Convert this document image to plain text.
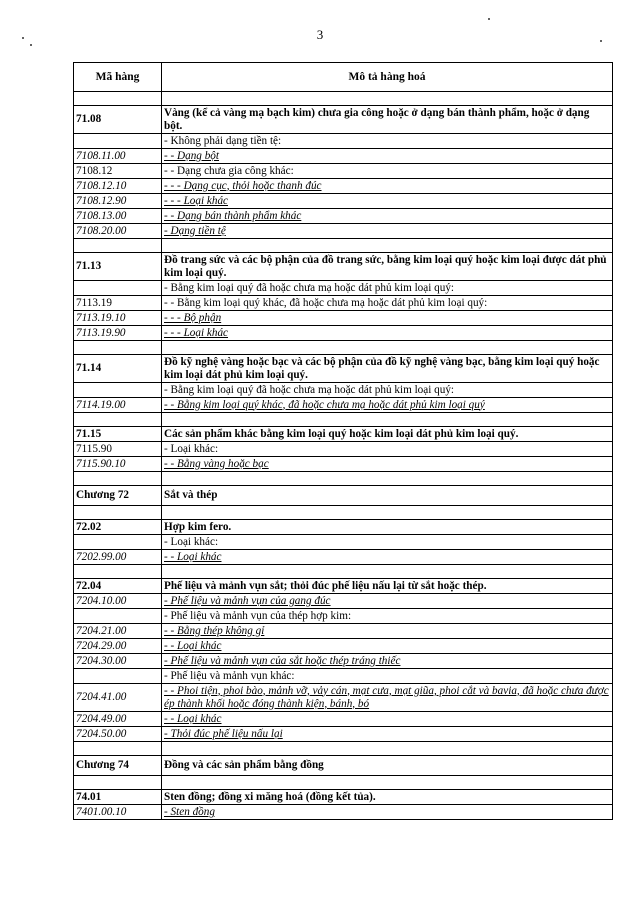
3
Mã hàng	Mô tả hàng hoá

71.08	Vàng (kể cả vàng mạ bạch kim) chưa gia công hoặc ở dạng bán thành phẩm, hoặc ở dạng bột.
	- Không phải dạng tiền tệ:
7108.11.00	- - Dạng bột
7108.12	- - Dạng chưa gia công khác:
7108.12.10	- - - Dạng cục, thỏi hoặc thanh đúc
7108.12.90	- - - Loại khác
7108.13.00	- - Dạng bán thành phẩm khác
7108.20.00	- Dạng tiền tệ

71.13	Đồ trang sức và các bộ phận của đồ trang sức, bằng kim loại quý hoặc kim loại được dát phủ kim loại quý.
	- Bằng kim loại quý đã hoặc chưa mạ hoặc dát phủ kim loại quý:
7113.19	- - Bằng kim loại quý khác, đã hoặc chưa mạ hoặc dát phủ kim loại quý:
7113.19.10	- - - Bộ phận
7113.19.90	- - - Loại khác

71.14	Đồ kỹ nghệ vàng hoặc bạc và các bộ phận của đồ kỹ nghệ vàng bạc, bằng kim loại quý hoặc kim loại dát phủ kim loại quý.
	- Bằng kim loại quý đã hoặc chưa mạ hoặc dát phủ kim loại quý:
7114.19.00	- - Bằng kim loại quý khác, đã hoặc chưa mạ hoặc dát phủ kim loại quý

71.15	Các sản phẩm khác bằng kim loại quý hoặc kim loại dát phủ kim loại quý.
7115.90	- Loại khác:
7115.90.10	- - Bằng vàng hoặc bạc

Chương 72	Sắt và thép

72.02	Hợp kim fero.
	- Loại khác:
7202.99.00	- - Loại khác

72.04	Phế liệu và mảnh vụn sắt; thỏi đúc phế liệu nấu lại từ sắt hoặc thép.
7204.10.00	- Phế liệu và mảnh vụn của gang đúc
	- Phế liệu và mảnh vụn của thép hợp kim:
7204.21.00	- - Bằng thép không gỉ
7204.29.00	- - Loại khác
7204.30.00	- Phế liệu và mảnh vụn của sắt hoặc thép tráng thiếc
	- Phế liệu và mảnh vụn khác:
7204.41.00	- - Phoi tiện, phoi bào, mảnh vỡ, vảy cán, mạt cưa, mạt giũa, phoi cắt và bavia, đã hoặc chưa được ép thành khối hoặc đóng thành kiện, bánh, bó
7204.49.00	- - Loại khác
7204.50.00	- Thỏi đúc phế liệu nấu lại

Chương 74	Đồng và các sản phẩm bằng đồng

74.01	Sten đồng; đồng xi măng hoá (đồng kết tủa).
7401.00.10	- Sten đồng
